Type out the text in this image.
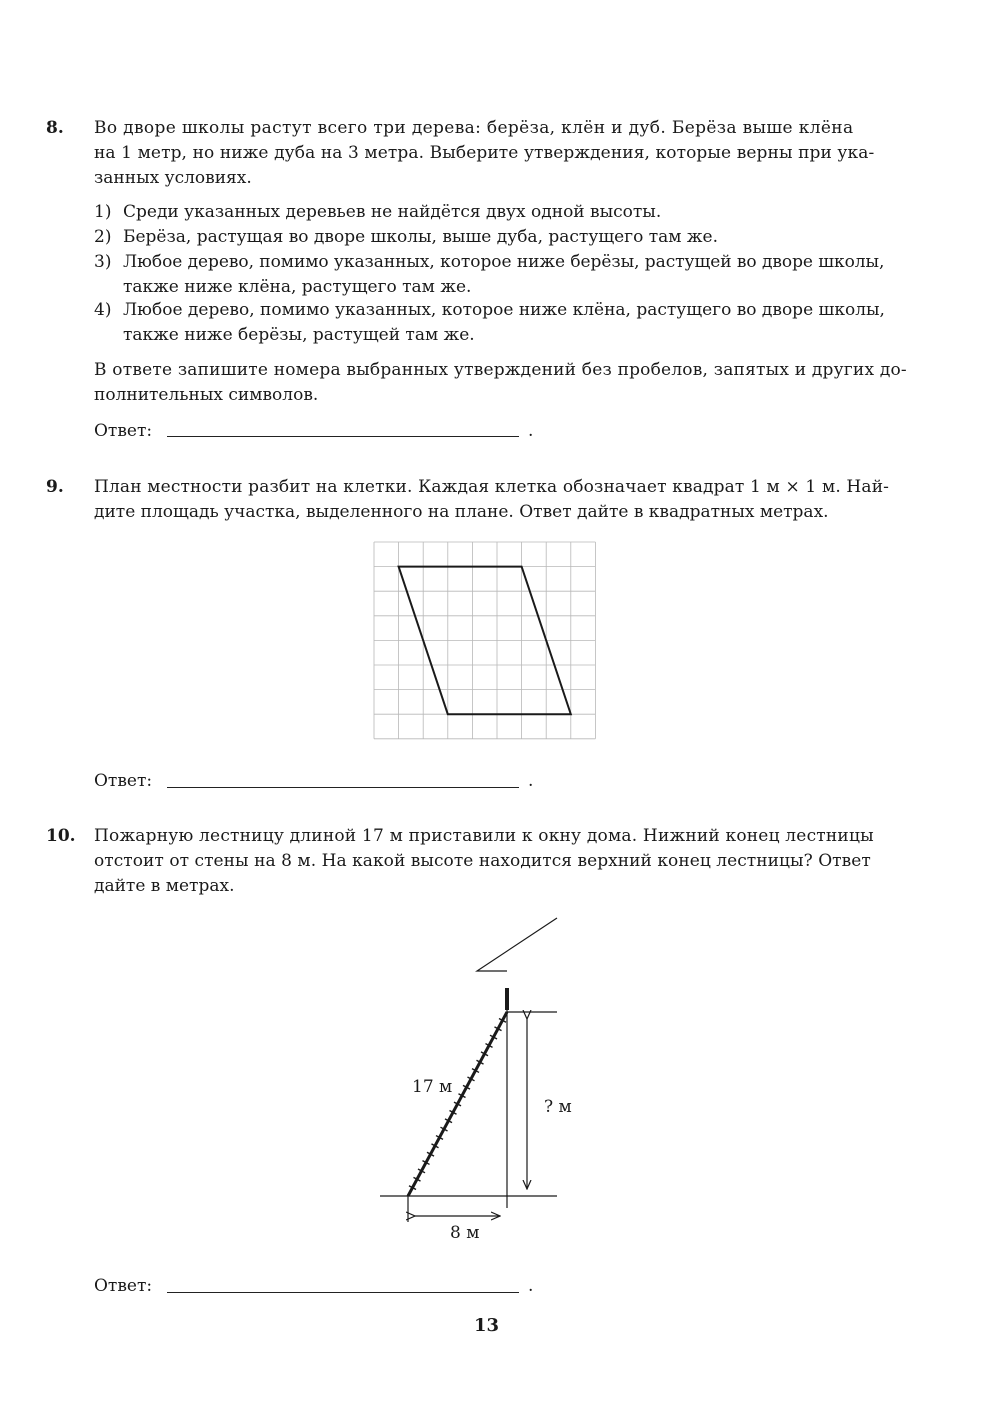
8. Во дворе школы растут всего три дерева: берёза, клён и дуб. Берёза выше клёна
на 1 метр, но ниже дуба на 3 метра. Выберите утверждения, которые верны при ука-
занных условиях.
1) Среди указанных деревьев не найдётся двух одной высоты.
2) Берёза, растущая во дворе школы, выше дуба, растущего там же.
3) Любое дерево, помимо указанных, которое ниже берёзы, растущей во дворе школы,
также ниже клёна, растущего там же.
4) Любое дерево, помимо указанных, которое ниже клёна, растущего во дворе школы,
также ниже берёзы, растущей там же.
В ответе запишите номера выбранных утверждений без пробелов, запятых и других до-
полнительных символов.
Ответ:	.
9. План местности разбит на клетки. Каждая клетка обозначает квадрат 1 м × 1 м. Най-
дите площадь участка, выделенного на плане. Ответ дайте в квадратных метрах.
Ответ:	.
10. Пожарную лестницу длиной 17 м приставили к окну дома. Нижний конец лестницы
отстоит от стены на 8 м. На какой высоте находится верхний конец лестницы? Ответ
дайте в метрах.
17 м
? м
8 м
Ответ:	.
13
